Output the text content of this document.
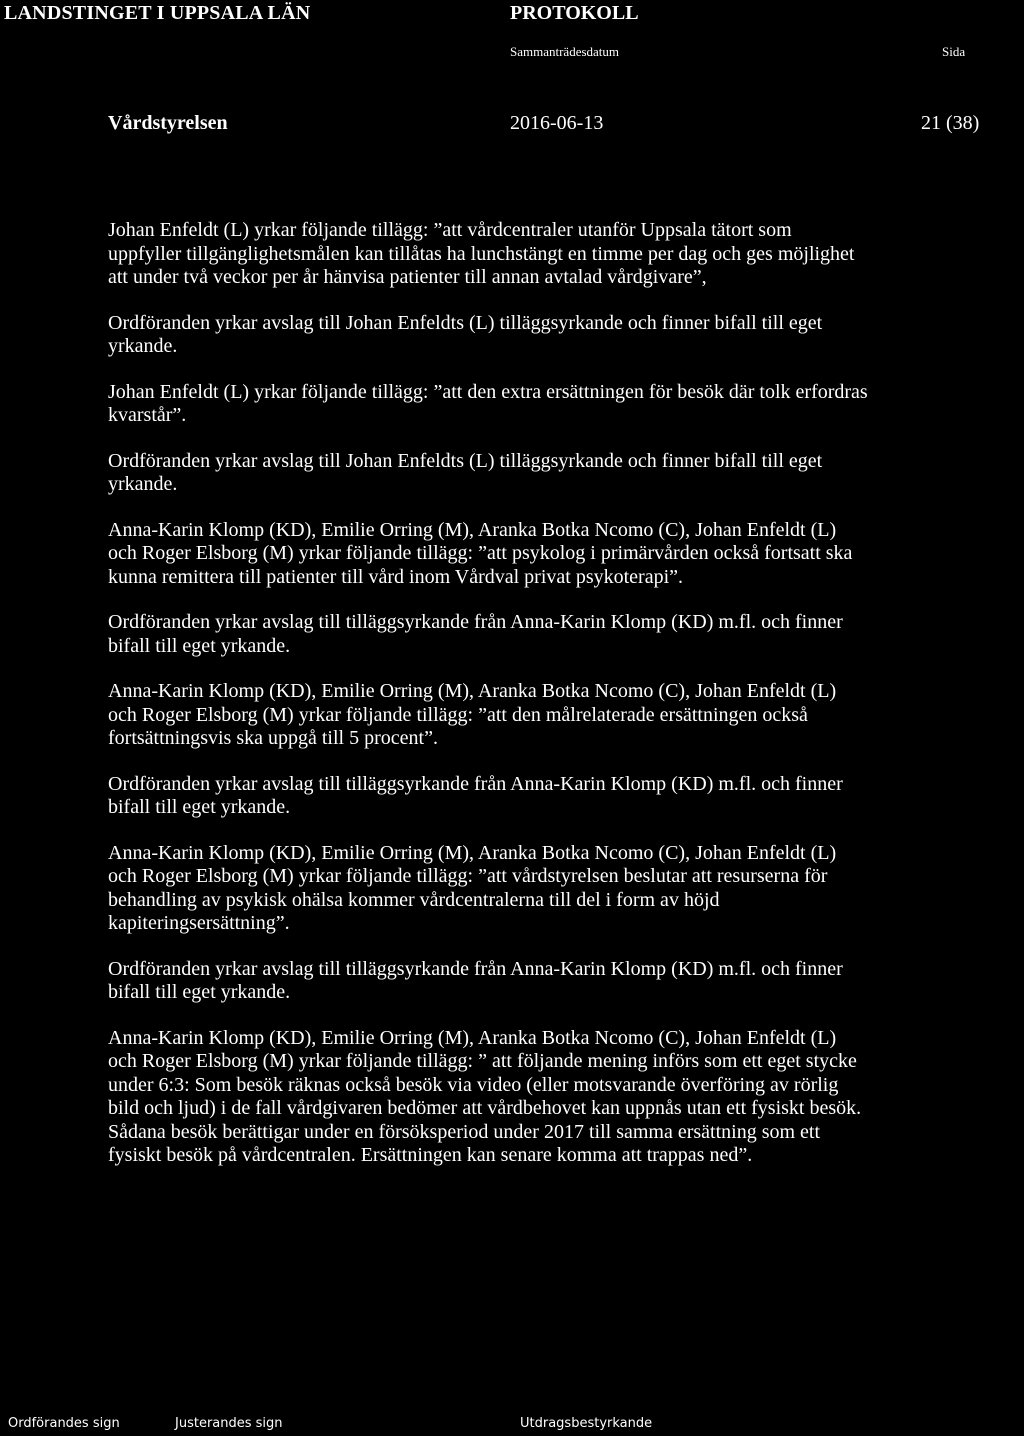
LANDSTINGET I UPPSALA LÄN	PROTOKOLL
Sammanträdesdatum	Sida
Vårdstyrelsen	2016-06-13	21 (38)

Johan Enfeldt (L) yrkar följande tillägg: ”att vårdcentraler utanför Uppsala tätort som
uppfyller tillgänglighetsmålen kan tillåtas ha lunchstängt en timme per dag och ges möjlighet
att under två veckor per år hänvisa patienter till annan avtalad vårdgivare”,

Ordföranden yrkar avslag till Johan Enfeldts (L) tilläggsyrkande och finner bifall till eget
yrkande.

Johan Enfeldt (L) yrkar följande tillägg: ”att den extra ersättningen för besök där tolk erfordras
kvarstår”.

Ordföranden yrkar avslag till Johan Enfeldts (L) tilläggsyrkande och finner bifall till eget
yrkande.

Anna-Karin Klomp (KD), Emilie Orring (M), Aranka Botka Ncomo (C), Johan Enfeldt (L)
och Roger Elsborg (M) yrkar följande tillägg: ”att psykolog i primärvården också fortsatt ska
kunna remittera till patienter till vård inom Vårdval privat psykoterapi”.

Ordföranden yrkar avslag till tilläggsyrkande från Anna-Karin Klomp (KD) m.fl. och finner
bifall till eget yrkande.

Anna-Karin Klomp (KD), Emilie Orring (M), Aranka Botka Ncomo (C), Johan Enfeldt (L)
och Roger Elsborg (M) yrkar följande tillägg: ”att den målrelaterade ersättningen också
fortsättningsvis ska uppgå till 5 procent”.

Ordföranden yrkar avslag till tilläggsyrkande från Anna-Karin Klomp (KD) m.fl. och finner
bifall till eget yrkande.

Anna-Karin Klomp (KD), Emilie Orring (M), Aranka Botka Ncomo (C), Johan Enfeldt (L)
och Roger Elsborg (M) yrkar följande tillägg: ”att vårdstyrelsen beslutar att resurserna för
behandling av psykisk ohälsa kommer vårdcentralerna till del i form av höjd
kapiteringsersättning”.

Ordföranden yrkar avslag till tilläggsyrkande från Anna-Karin Klomp (KD) m.fl. och finner
bifall till eget yrkande.

Anna-Karin Klomp (KD), Emilie Orring (M), Aranka Botka Ncomo (C), Johan Enfeldt (L)
och Roger Elsborg (M) yrkar följande tillägg: ” att följande mening införs som ett eget stycke
under 6:3: Som besök räknas också besök via video (eller motsvarande överföring av rörlig
bild och ljud) i de fall vårdgivaren bedömer att vårdbehovet kan uppnås utan ett fysiskt besök.
Sådana besök berättigar under en försöksperiod under 2017 till samma ersättning som ett
fysiskt besök på vårdcentralen. Ersättningen kan senare komma att trappas ned”.

Ordförandes sign	Justerandes sign	Utdragsbestyrkande
